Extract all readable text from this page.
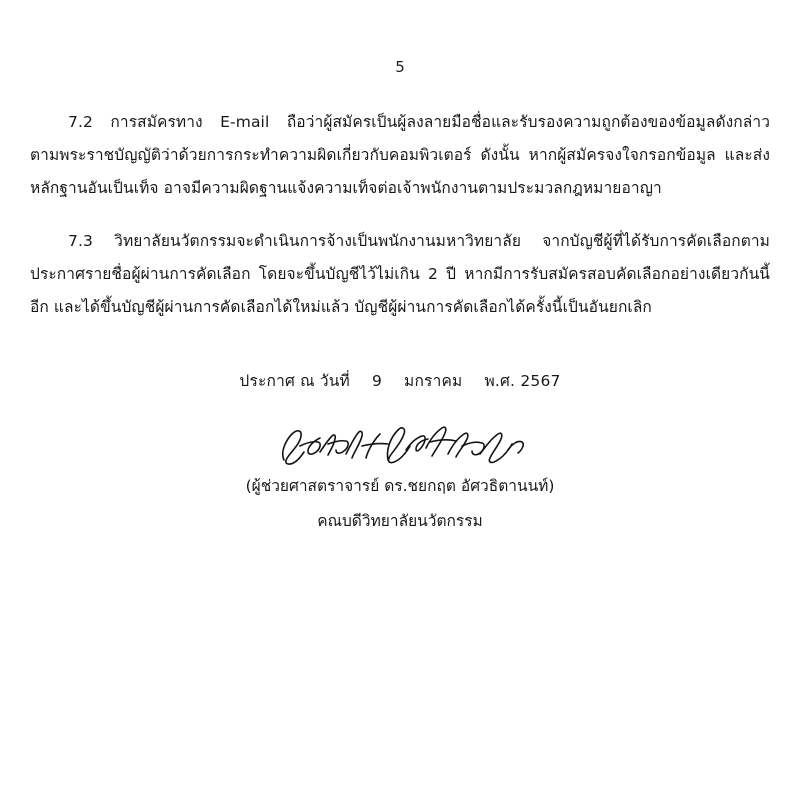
5

7.2 การสมัครทาง E-mail ถือว่าผู้สมัครเป็นผู้ลงลายมือชื่อและรับรองความถูกต้องของข้อมูลดังกล่าวตามพระราชบัญญัติว่าด้วยการกระทำความผิดเกี่ยวกับคอมพิวเตอร์ ดังนั้น หากผู้สมัครจงใจกรอกข้อมูล และส่งหลักฐานอันเป็นเท็จ อาจมีความผิดฐานแจ้งความเท็จต่อเจ้าพนักงานตามประมวลกฎหมายอาญา

7.3 วิทยาลัยนวัตกรรมจะดำเนินการจ้างเป็นพนักงานมหาวิทยาลัย จากบัญชีผู้ที่ได้รับการคัดเลือกตามประกาศรายชื่อผู้ผ่านการคัดเลือก โดยจะขึ้นบัญชีไว้ไม่เกิน 2 ปี หากมีการรับสมัครสอบคัดเลือกอย่างเดียวกันนี้อีก และได้ขึ้นบัญชีผู้ผ่านการคัดเลือกได้ใหม่แล้ว บัญชีผู้ผ่านการคัดเลือกได้ครั้งนี้เป็นอันยกเลิก

ประกาศ ณ วันที่ 9 มกราคม พ.ศ. 2567
(ผู้ช่วยศาสตราจารย์ ดร.ชยกฤต อัศวธิตานนท์)
คณบดีวิทยาลัยนวัตกรรม
